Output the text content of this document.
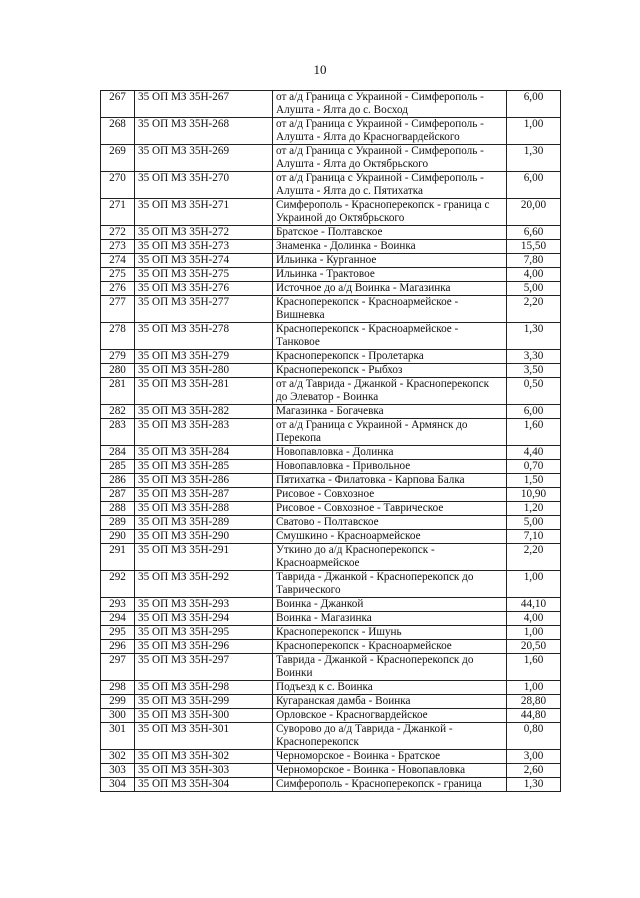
10
267	35 ОП МЗ 35Н-267	от а/д Граница с Украиной - Симферополь - Алушта - Ялта до с. Восход	6,00
268	35 ОП МЗ 35Н-268	от а/д Граница с Украиной - Симферополь - Алушта - Ялта до Красногвардейского	1,00
269	35 ОП МЗ 35Н-269	от а/д Граница с Украиной - Симферополь - Алушта - Ялта до Октябрьского	1,30
270	35 ОП МЗ 35Н-270	от а/д Граница с Украиной - Симферополь - Алушта - Ялта до с. Пятихатка	6,00
271	35 ОП МЗ 35Н-271	Симферополь - Красноперекопск - граница с Украиной до Октябрьского	20,00
272	35 ОП МЗ 35Н-272	Братское - Полтавское	6,60
273	35 ОП МЗ 35Н-273	Знаменка - Долинка - Воинка	15,50
274	35 ОП МЗ 35Н-274	Ильинка - Курганное	7,80
275	35 ОП МЗ 35Н-275	Ильинка - Трактовое	4,00
276	35 ОП МЗ 35Н-276	Источное до а/д Воинка - Магазинка	5,00
277	35 ОП МЗ 35Н-277	Красноперекопск - Красноармейское - Вишневка	2,20
278	35 ОП МЗ 35Н-278	Красноперекопск - Красноармейское - Танковое	1,30
279	35 ОП МЗ 35Н-279	Красноперекопск - Пролетарка	3,30
280	35 ОП МЗ 35Н-280	Красноперекопск - Рыбхоз	3,50
281	35 ОП МЗ 35Н-281	от а/д Таврида - Джанкой - Красноперекопск до Элеватор - Воинка	0,50
282	35 ОП МЗ 35Н-282	Магазинка - Богачевка	6,00
283	35 ОП МЗ 35Н-283	от а/д Граница с Украиной - Армянск до Перекопа	1,60
284	35 ОП МЗ 35Н-284	Новопавловка - Долинка	4,40
285	35 ОП МЗ 35Н-285	Новопавловка - Привольное	0,70
286	35 ОП МЗ 35Н-286	Пятихатка - Филатовка - Карпова Балка	1,50
287	35 ОП МЗ 35Н-287	Рисовое - Совхозное	10,90
288	35 ОП МЗ 35Н-288	Рисовое - Совхозное - Таврическое	1,20
289	35 ОП МЗ 35Н-289	Сватово - Полтавское	5,00
290	35 ОП МЗ 35Н-290	Смушкино - Красноармейское	7,10
291	35 ОП МЗ 35Н-291	Уткино до а/д Красноперекопск - Красноармейское	2,20
292	35 ОП МЗ 35Н-292	Таврида - Джанкой - Красноперекопск до Таврического	1,00
293	35 ОП МЗ 35Н-293	Воинка - Джанкой	44,10
294	35 ОП МЗ 35Н-294	Воинка - Магазинка	4,00
295	35 ОП МЗ 35Н-295	Красноперекопск - Ишунь	1,00
296	35 ОП МЗ 35Н-296	Красноперекопск - Красноармейское	20,50
297	35 ОП МЗ 35Н-297	Таврида - Джанкой - Красноперекопск до Воинки	1,60
298	35 ОП МЗ 35Н-298	Подъезд к с. Воинка	1,00
299	35 ОП МЗ 35Н-299	Кугаранская дамба - Воинка	28,80
300	35 ОП МЗ 35Н-300	Орловское - Красногвардейское	44,80
301	35 ОП МЗ 35Н-301	Суворово до а/д Таврида - Джанкой - Красноперекопск	0,80
302	35 ОП МЗ 35Н-302	Черноморское - Воинка - Братское	3,00
303	35 ОП МЗ 35Н-303	Черноморское - Воинка - Новопавловка	2,60
304	35 ОП МЗ 35Н-304	Симферополь - Красноперекопск - граница	1,30
